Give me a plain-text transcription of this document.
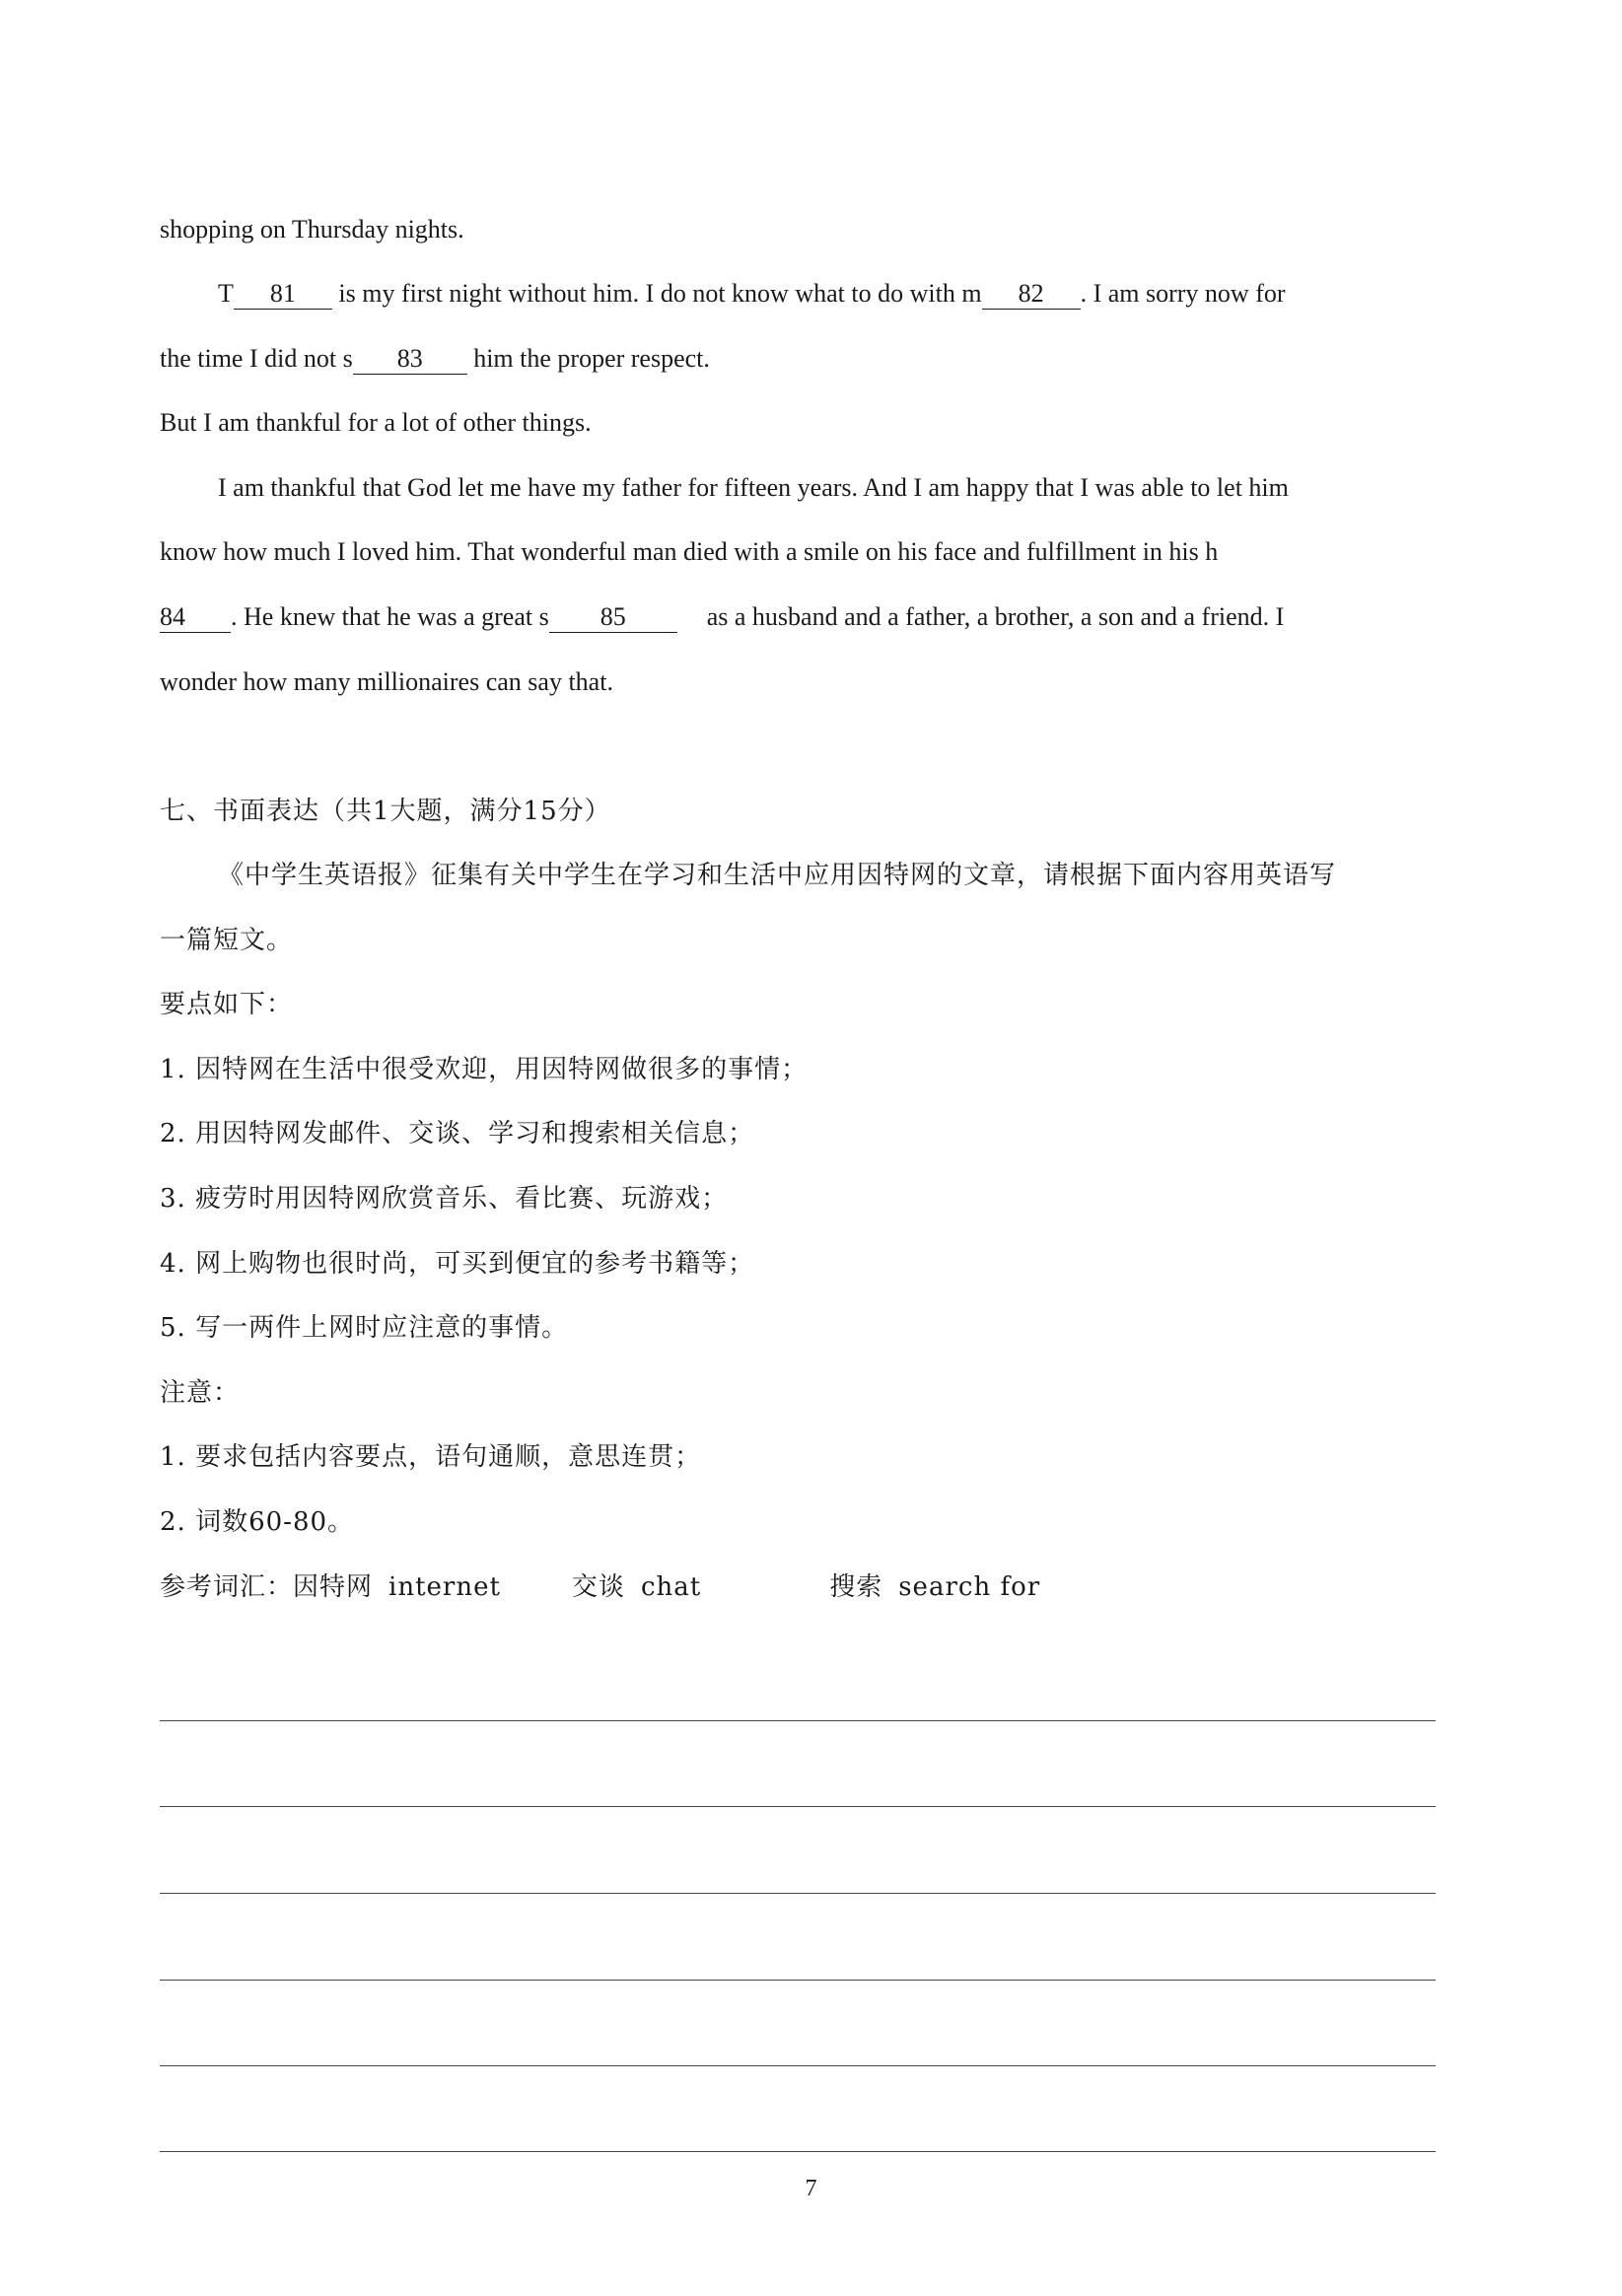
shopping on Thursday nights.
T 81 is my first night without him. I do not know what to do with m 82 . I am sorry now for
the time I did not s 83 him the proper respect.
But I am thankful for a lot of other things.
I am thankful that God let me have my father for fifteen years. And I am happy that I was able to let him
know how much I loved him. That wonderful man died with a smile on his face and fulfillment in his h
84 . He knew that he was a great s 85	as a husband and a father, a brother, a son and a friend. I
wonder how many millionaires can say that.
七、书面表达（共1大题，满分15分）
《中学生英语报》征集有关中学生在学习和生活中应用因特网的文章，请根据下面内容用英语写
一篇短文。
要点如下：
1. 因特网在生活中很受欢迎，用因特网做很多的事情；
2. 用因特网发邮件、交谈、学习和搜索相关信息；
3. 疲劳时用因特网欣赏音乐、看比赛、玩游戏；
4. 网上购物也很时尚，可买到便宜的参考书籍等；
5. 写一两件上网时应注意的事情。
注意：
1. 要求包括内容要点，语句通顺，意思连贯；
2. 词数60-80。
参考词汇：因特网 internet	交谈 chat	搜索 search for
7
